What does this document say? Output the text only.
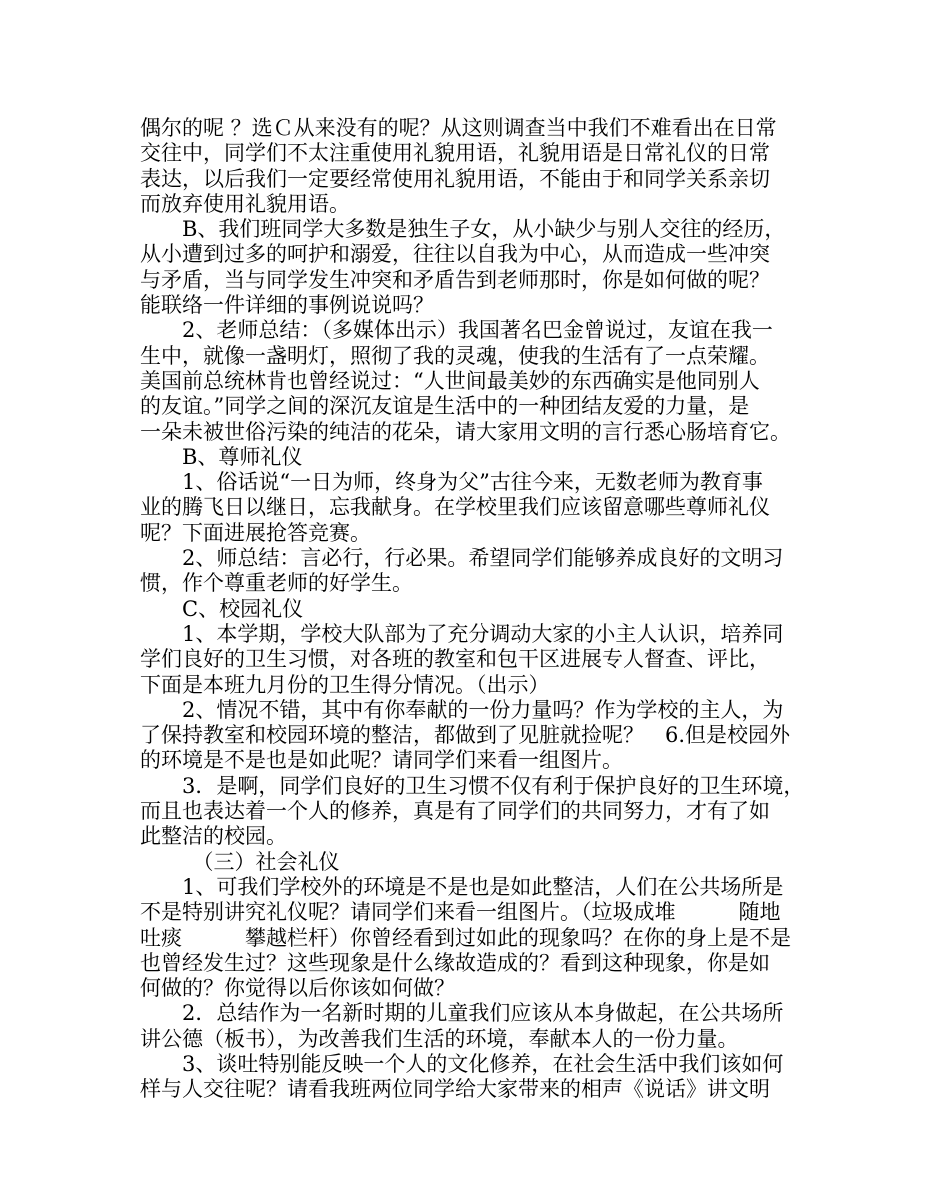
偶尔的呢 ？选Ｃ从来没有的呢？从这则调查当中我们不难看出在日常
交往中，同学们不太注重使用礼貌用语，礼貌用语是日常礼仪的日常
表达，以后我们一定要经常使用礼貌用语，不能由于和同学关系亲切
而放弃使用礼貌用语。
　　B、我们班同学大多数是独生子女，从小缺少与别人交往的经历，
从小遭到过多的呵护和溺爱，往往以自我为中心，从而造成一些冲突
与矛盾，当与同学发生冲突和矛盾告到老师那时，你是如何做的呢？
能联络一件详细的事例说说吗？
　　2、老师总结：（多媒体出示）我国著名巴金曾说过，友谊在我一
生中，就像一盏明灯，照彻了我的灵魂，使我的生活有了一点荣耀。
美国前总统林肯也曾经说过：“人世间最美妙的东西确实是他同别人
的友谊。”同学之间的深沉友谊是生活中的一种团结友爱的力量，是
一朵未被世俗污染的纯洁的花朵，请大家用文明的言行悉心肠培育它。
　　B、尊师礼仪
　　1、俗话说“一日为师，终身为父”古往今来，无数老师为教育事
业的腾飞日以继日，忘我献身。在学校里我们应该留意哪些尊师礼仪
呢？下面进展抢答竞赛。
　　2、师总结：言必行，行必果。希望同学们能够养成良好的文明习
惯，作个尊重老师的好学生。
　　C、校园礼仪
　　1、本学期，学校大队部为了充分调动大家的小主人认识，培养同
学们良好的卫生习惯，对各班的教室和包干区进展专人督查、评比，
下面是本班九月份的卫生得分情况。（出示）
　　2、情况不错，其中有你奉献的一份力量吗？作为学校的主人，为
了保持教室和校园环境的整洁，都做到了见脏就捡呢？　6.但是校园外
的环境是不是也是如此呢？请同学们来看一组图片。
　　3．是啊，同学们良好的卫生习惯不仅有利于保护良好的卫生环境，
而且也表达着一个人的修养，真是有了同学们的共同努力，才有了如
此整洁的校园。
　　　（三）社会礼仪
　　1、可我们学校外的环境是不是也是如此整洁，人们在公共场所是
不是特别讲究礼仪呢？请同学们来看一组图片。（垃圾成堆　　　随地
吐痰　　　攀越栏杆）你曾经看到过如此的现象吗？在你的身上是不是
也曾经发生过？这些现象是什么缘故造成的？看到这种现象，你是如
何做的？你觉得以后你该如何做？
　　2．总结作为一名新时期的儿童我们应该从本身做起，在公共场所
讲公德（板书），为改善我们生活的环境，奉献本人的一份力量。
　　3、谈吐特别能反映一个人的文化修养，在社会生活中我们该如何
样与人交往呢？请看我班两位同学给大家带来的相声《说话》讲文明
